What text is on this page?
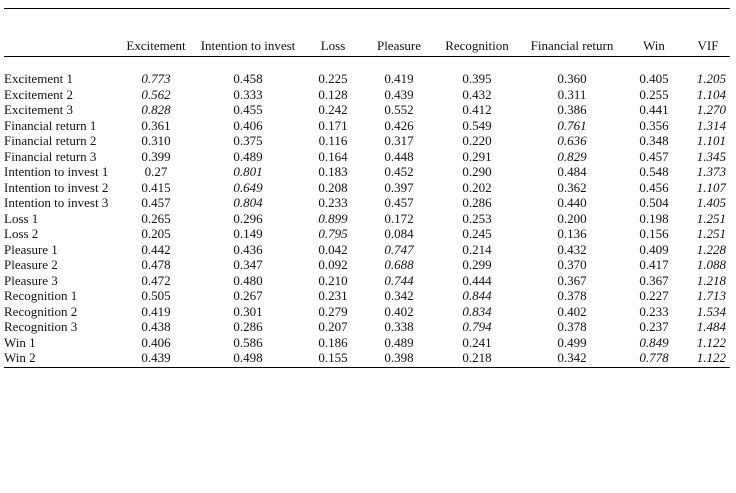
	Excitement	Intention to invest	Loss	Pleasure	Recognition	Financial return	Win	VIF

Excitement 1	0.773	0.458	0.225	0.419	0.395	0.360	0.405	1.205
Excitement 2	0.562	0.333	0.128	0.439	0.432	0.311	0.255	1.104
Excitement 3	0.828	0.455	0.242	0.552	0.412	0.386	0.441	1.270
Financial return 1	0.361	0.406	0.171	0.426	0.549	0.761	0.356	1.314
Financial return 2	0.310	0.375	0.116	0.317	0.220	0.636	0.348	1.101
Financial return 3	0.399	0.489	0.164	0.448	0.291	0.829	0.457	1.345
Intention to invest 1	0.27	0.801	0.183	0.452	0.290	0.484	0.548	1.373
Intention to invest 2	0.415	0.649	0.208	0.397	0.202	0.362	0.456	1.107
Intention to invest 3	0.457	0.804	0.233	0.457	0.286	0.440	0.504	1.405
Loss 1	0.265	0.296	0.899	0.172	0.253	0.200	0.198	1.251
Loss 2	0.205	0.149	0.795	0.084	0.245	0.136	0.156	1.251
Pleasure 1	0.442	0.436	0.042	0.747	0.214	0.432	0.409	1.228
Pleasure 2	0.478	0.347	0.092	0.688	0.299	0.370	0.417	1.088
Pleasure 3	0.472	0.480	0.210	0.744	0.444	0.367	0.367	1.218
Recognition 1	0.505	0.267	0.231	0.342	0.844	0.378	0.227	1.713
Recognition 2	0.419	0.301	0.279	0.402	0.834	0.402	0.233	1.534
Recognition 3	0.438	0.286	0.207	0.338	0.794	0.378	0.237	1.484
Win 1	0.406	0.586	0.186	0.489	0.241	0.499	0.849	1.122
Win 2	0.439	0.498	0.155	0.398	0.218	0.342	0.778	1.122
